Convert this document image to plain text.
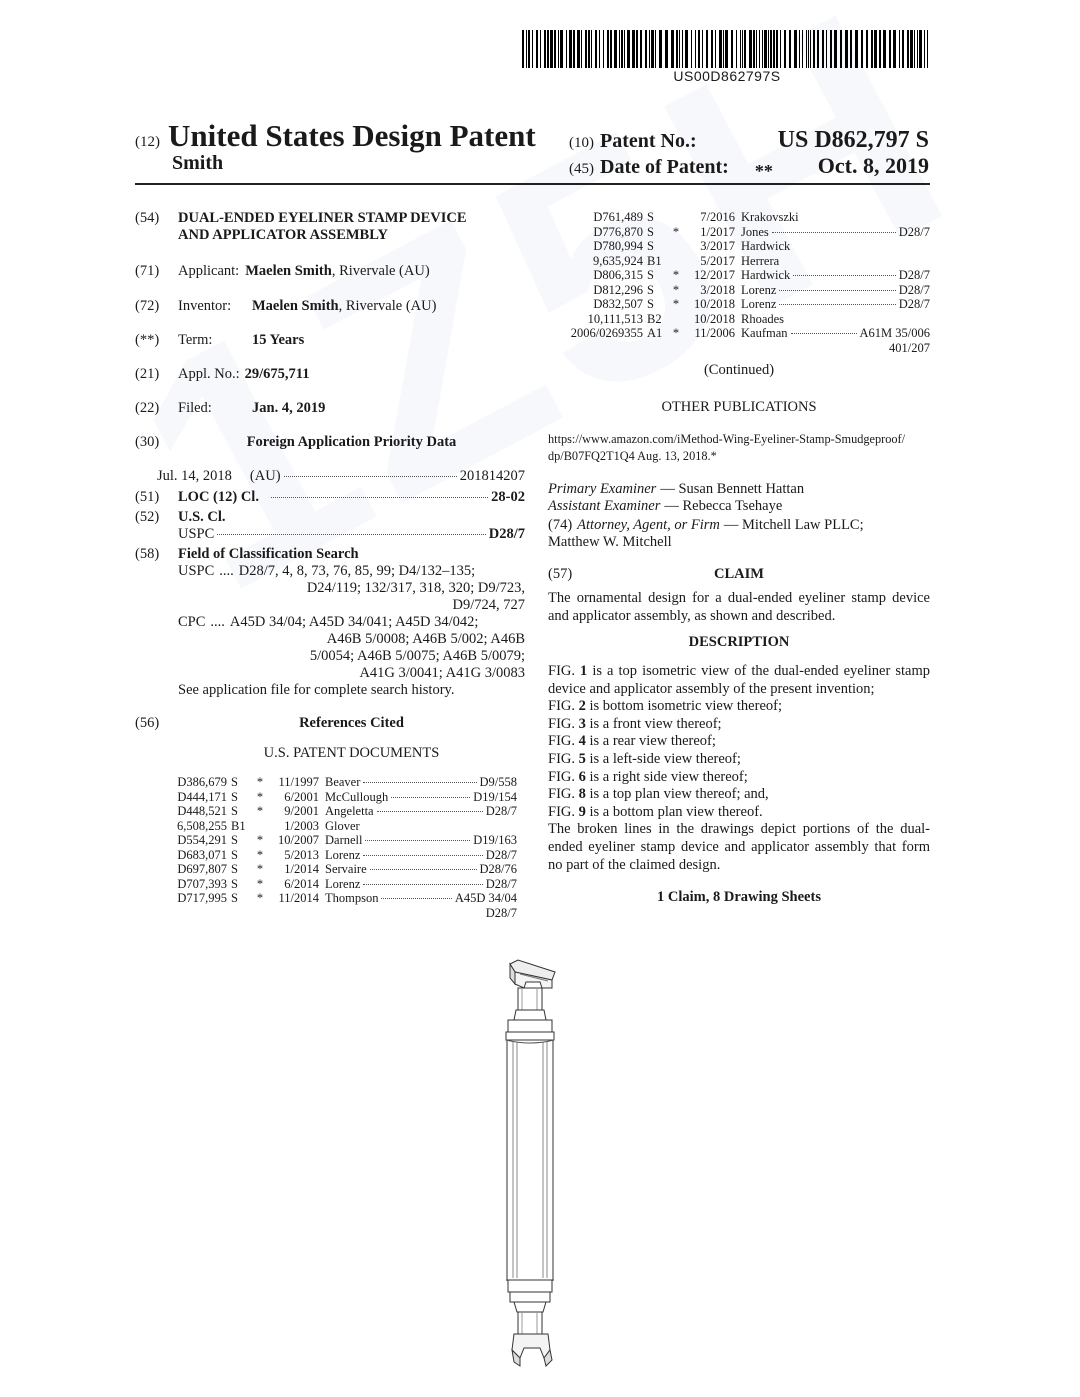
US00D862797S
(12) United States Design Patent
Smith
(10) Patent No.:	US D862,797 S
(45) Date of Patent: ** Oct. 8, 2019
(54)	DUAL-ENDED EYELINER STAMP DEVICE
AND APPLICATOR ASSEMBLY
(71)	Applicant: Maelen Smith , Rivervale (AU)
(72)	Inventor:	Maelen Smith , Rivervale (AU)
(**)	Term:	15 Years
(21)	Appl. No.: 29/675,711
(22)	Filed:	Jan. 4, 2019
(30)	Foreign Application Priority Data
Jul. 14, 2018 (AU)	201814207
(51)	LOC (12) Cl.	28-02
(52)	U.S. Cl.
USPC	D28/7
(58)	Field of Classification Search
USPC .... D28/7, 4, 8, 73, 76, 85, 99; D4/132–135;
D24/119; 132/317, 318, 320; D9/723,
D9/724, 727
CPC .... A45D 34/04; A45D 34/041; A45D 34/042;
A46B 5/0008; A46B 5/002; A46B
5/0054; A46B 5/0075; A46B 5/0079;
A41G 3/0041; A41G 3/0083
See application file for complete search history.
(56)	References Cited
U.S. PATENT DOCUMENTS
D386,679 S	*	11/1997 Beaver	D9/558
D444,171 S	*	6/2001 McCullough	D19/154
D448,521 S	*	9/2001 Angeletta	D28/7
6,508,255 B1	1/2003 Glover
D554,291 S	*	10/2007 Darnell	D19/163
D683,071 S	*	5/2013 Lorenz	D28/7
D697,807 S	*	1/2014 Servaire	D28/76
D707,393 S	*	6/2014 Lorenz	D28/7
D717,995 S	*	11/2014 Thompson	A45D 34/04
D28/7
D761,489 S	7/2016 Krakovszki
D776,870 S	*	1/2017 Jones	D28/7
D780,994 S	3/2017 Hardwick
9,635,924 B1	5/2017 Herrera
D806,315 S	*	12/2017 Hardwick	D28/7
D812,296 S	*	3/2018 Lorenz	D28/7
D832,507 S	*	10/2018 Lorenz	D28/7
10,111,513 B2	10/2018 Rhoades
2006/0269355 A1 *	11/2006 Kaufman	A61M 35/006
401/207
(Continued)
OTHER PUBLICATIONS
https://www.amazon.com/iMethod-Wing-Eyeliner-Stamp-Smudgeproof/
dp/B07FQ2T1Q4 Aug. 13, 2018.*
Primary Examiner — Susan Bennett Hattan
Assistant Examiner — Rebecca Tsehaye
(74) Attorney, Agent, or Firm — Mitchell Law PLLC;
Matthew W. Mitchell
(57)	CLAIM
The ornamental design for a dual-ended eyeliner stamp device and applicator assembly, as shown and described.
DESCRIPTION
FIG. 1 is a top isometric view of the dual-ended eyeliner stamp device and applicator assembly of the present invention;
FIG. 2 is bottom isometric view thereof;
FIG. 3 is a front view thereof;
FIG. 4 is a rear view thereof;
FIG. 5 is a left-side view thereof;
FIG. 6 is a right side view thereof;
FIG. 8 is a top plan view thereof; and,
FIG. 9 is a bottom plan view thereof.
The broken lines in the drawings depict portions of the dual-ended eyeliner stamp device and applicator assembly that form no part of the claimed design.
1 Claim, 8 Drawing Sheets
